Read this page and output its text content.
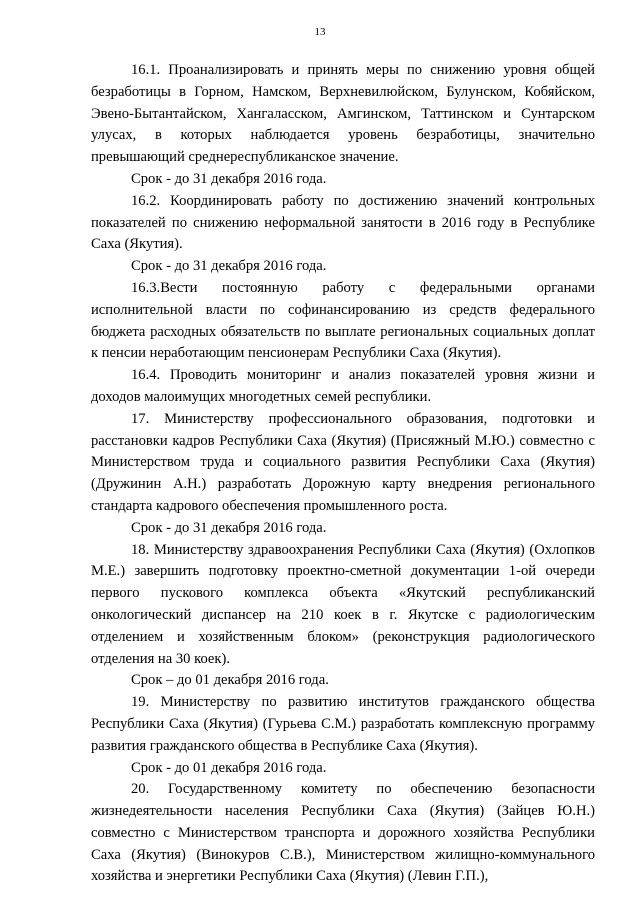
13

16.1. Проанализировать и принять меры по снижению уровня общей безработицы в Горном, Намском, Верхневилюйском, Булунском, Кобяйском, Эвено-Бытантайском, Хангаласском, Амгинском, Таттинском и Сунтарском улусах, в которых наблюдается уровень безработицы, значительно превышающий среднереспубликанское значение.

Срок - до 31 декабря 2016 года.

16.2. Координировать работу по достижению значений контрольных показателей по снижению неформальной занятости в 2016 году в Республике Саха (Якутия).

Срок - до 31 декабря 2016 года.

16.3.Вести постоянную работу с федеральными органами исполнительной власти по софинансированию из средств федерального бюджета расходных обязательств по выплате региональных социальных доплат к пенсии неработающим пенсионерам Республики Саха (Якутия).

16.4. Проводить мониторинг и анализ показателей уровня жизни и доходов малоимущих многодетных семей республики.

17. Министерству профессионального образования, подготовки и расстановки кадров Республики Саха (Якутия) (Присяжный М.Ю.) совместно с Министерством труда и социального развития Республики Саха (Якутия) (Дружинин А.Н.) разработать Дорожную карту внедрения регионального стандарта кадрового обеспечения промышленного роста.

Срок - до 31 декабря 2016 года.

18. Министерству здравоохранения Республики Саха (Якутия) (Охлопков М.Е.) завершить подготовку проектно-сметной документации 1-ой очереди первого пускового комплекса объекта «Якутский республиканский онкологический диспансер на 210 коек в г. Якутске с радиологическим отделением и хозяйственным блоком» (реконструкция радиологического отделения на 30 коек).

Срок – до 01 декабря 2016 года.

19. Министерству по развитию институтов гражданского общества Республики Саха (Якутия) (Гурьева С.М.) разработать комплексную программу развития гражданского общества в Республике Саха (Якутия).

Срок - до 01 декабря 2016 года.

20. Государственному комитету по обеспечению безопасности жизнедеятельности населения Республики Саха (Якутия) (Зайцев Ю.Н.) совместно с Министерством транспорта и дорожного хозяйства Республики Саха (Якутия) (Винокуров С.В.), Министерством жилищно-коммунального хозяйства и энергетики Республики Саха (Якутия) (Левин Г.П.),
